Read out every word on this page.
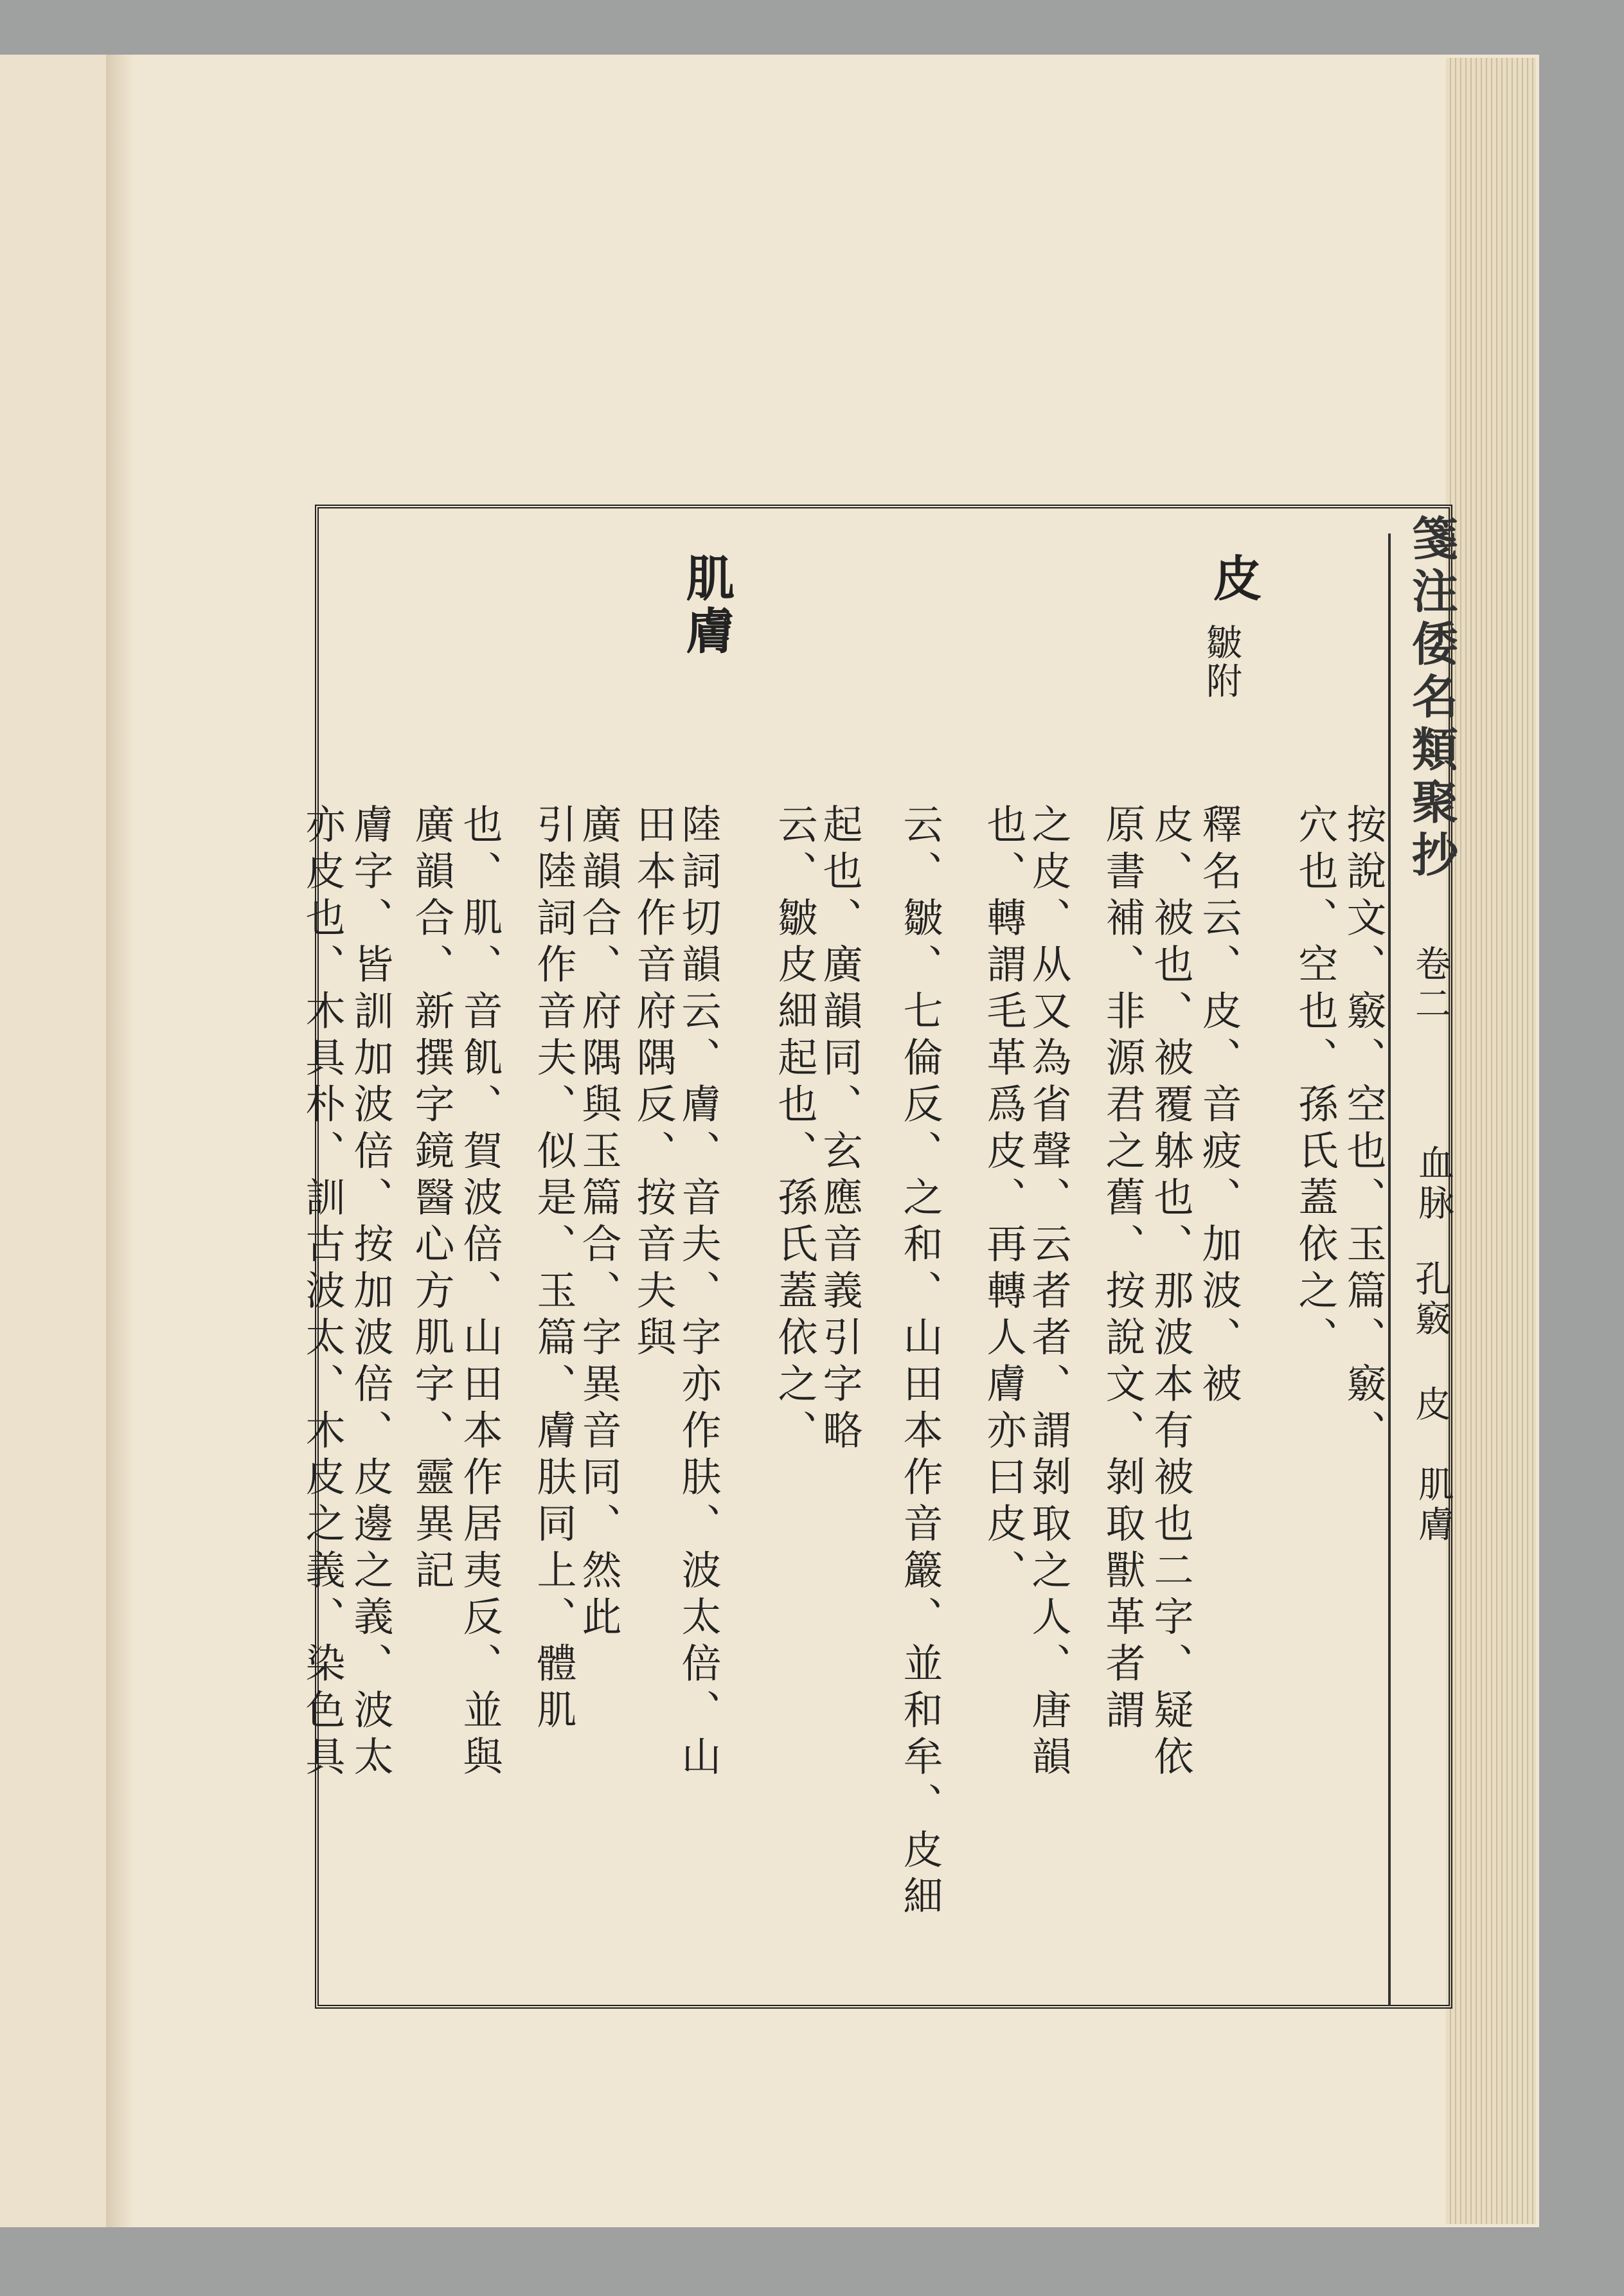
皮
皺附
肌膚
按說文、竅、空也、玉篇、竅、
穴也、空也、孫氏蓋依之、
釋名云、皮、音疲、加波、被
皮、被也、被覆躰也、那波本有被也二字、疑依
原書補、非源君之舊、按說文、剝取獸革者謂
之皮、从又為省聲、云者者、謂剝取之人、唐韻
也、轉謂毛革爲皮、再轉人膚亦曰皮、
云、皺、七倫反、之和、山田本作音䉷、並和牟、皮細
起也、廣韻同、玄應音義引字略
云、皺皮細起也、孫氏蓋依之、
陸詞切韻云、膚、音夫、字亦作肤、波太倍、山
田本作音府隅反、按音夫與
廣韻合、府隅與玉篇合、字異音同、然此
引陸詞作音夫、似是、玉篇、膚肤同上、體肌
也、肌、音飢、賀波倍、山田本作居夷反、並與
廣韻合、新撰字鏡醫心方肌字、靈異記
膚字、皆訓加波倍、按加波倍、皮邊之義、波太
亦皮也、木具朴、訓古波太、木皮之義、染色具
箋注倭名類聚抄
卷二
血脉
孔竅 皮
肌膚
